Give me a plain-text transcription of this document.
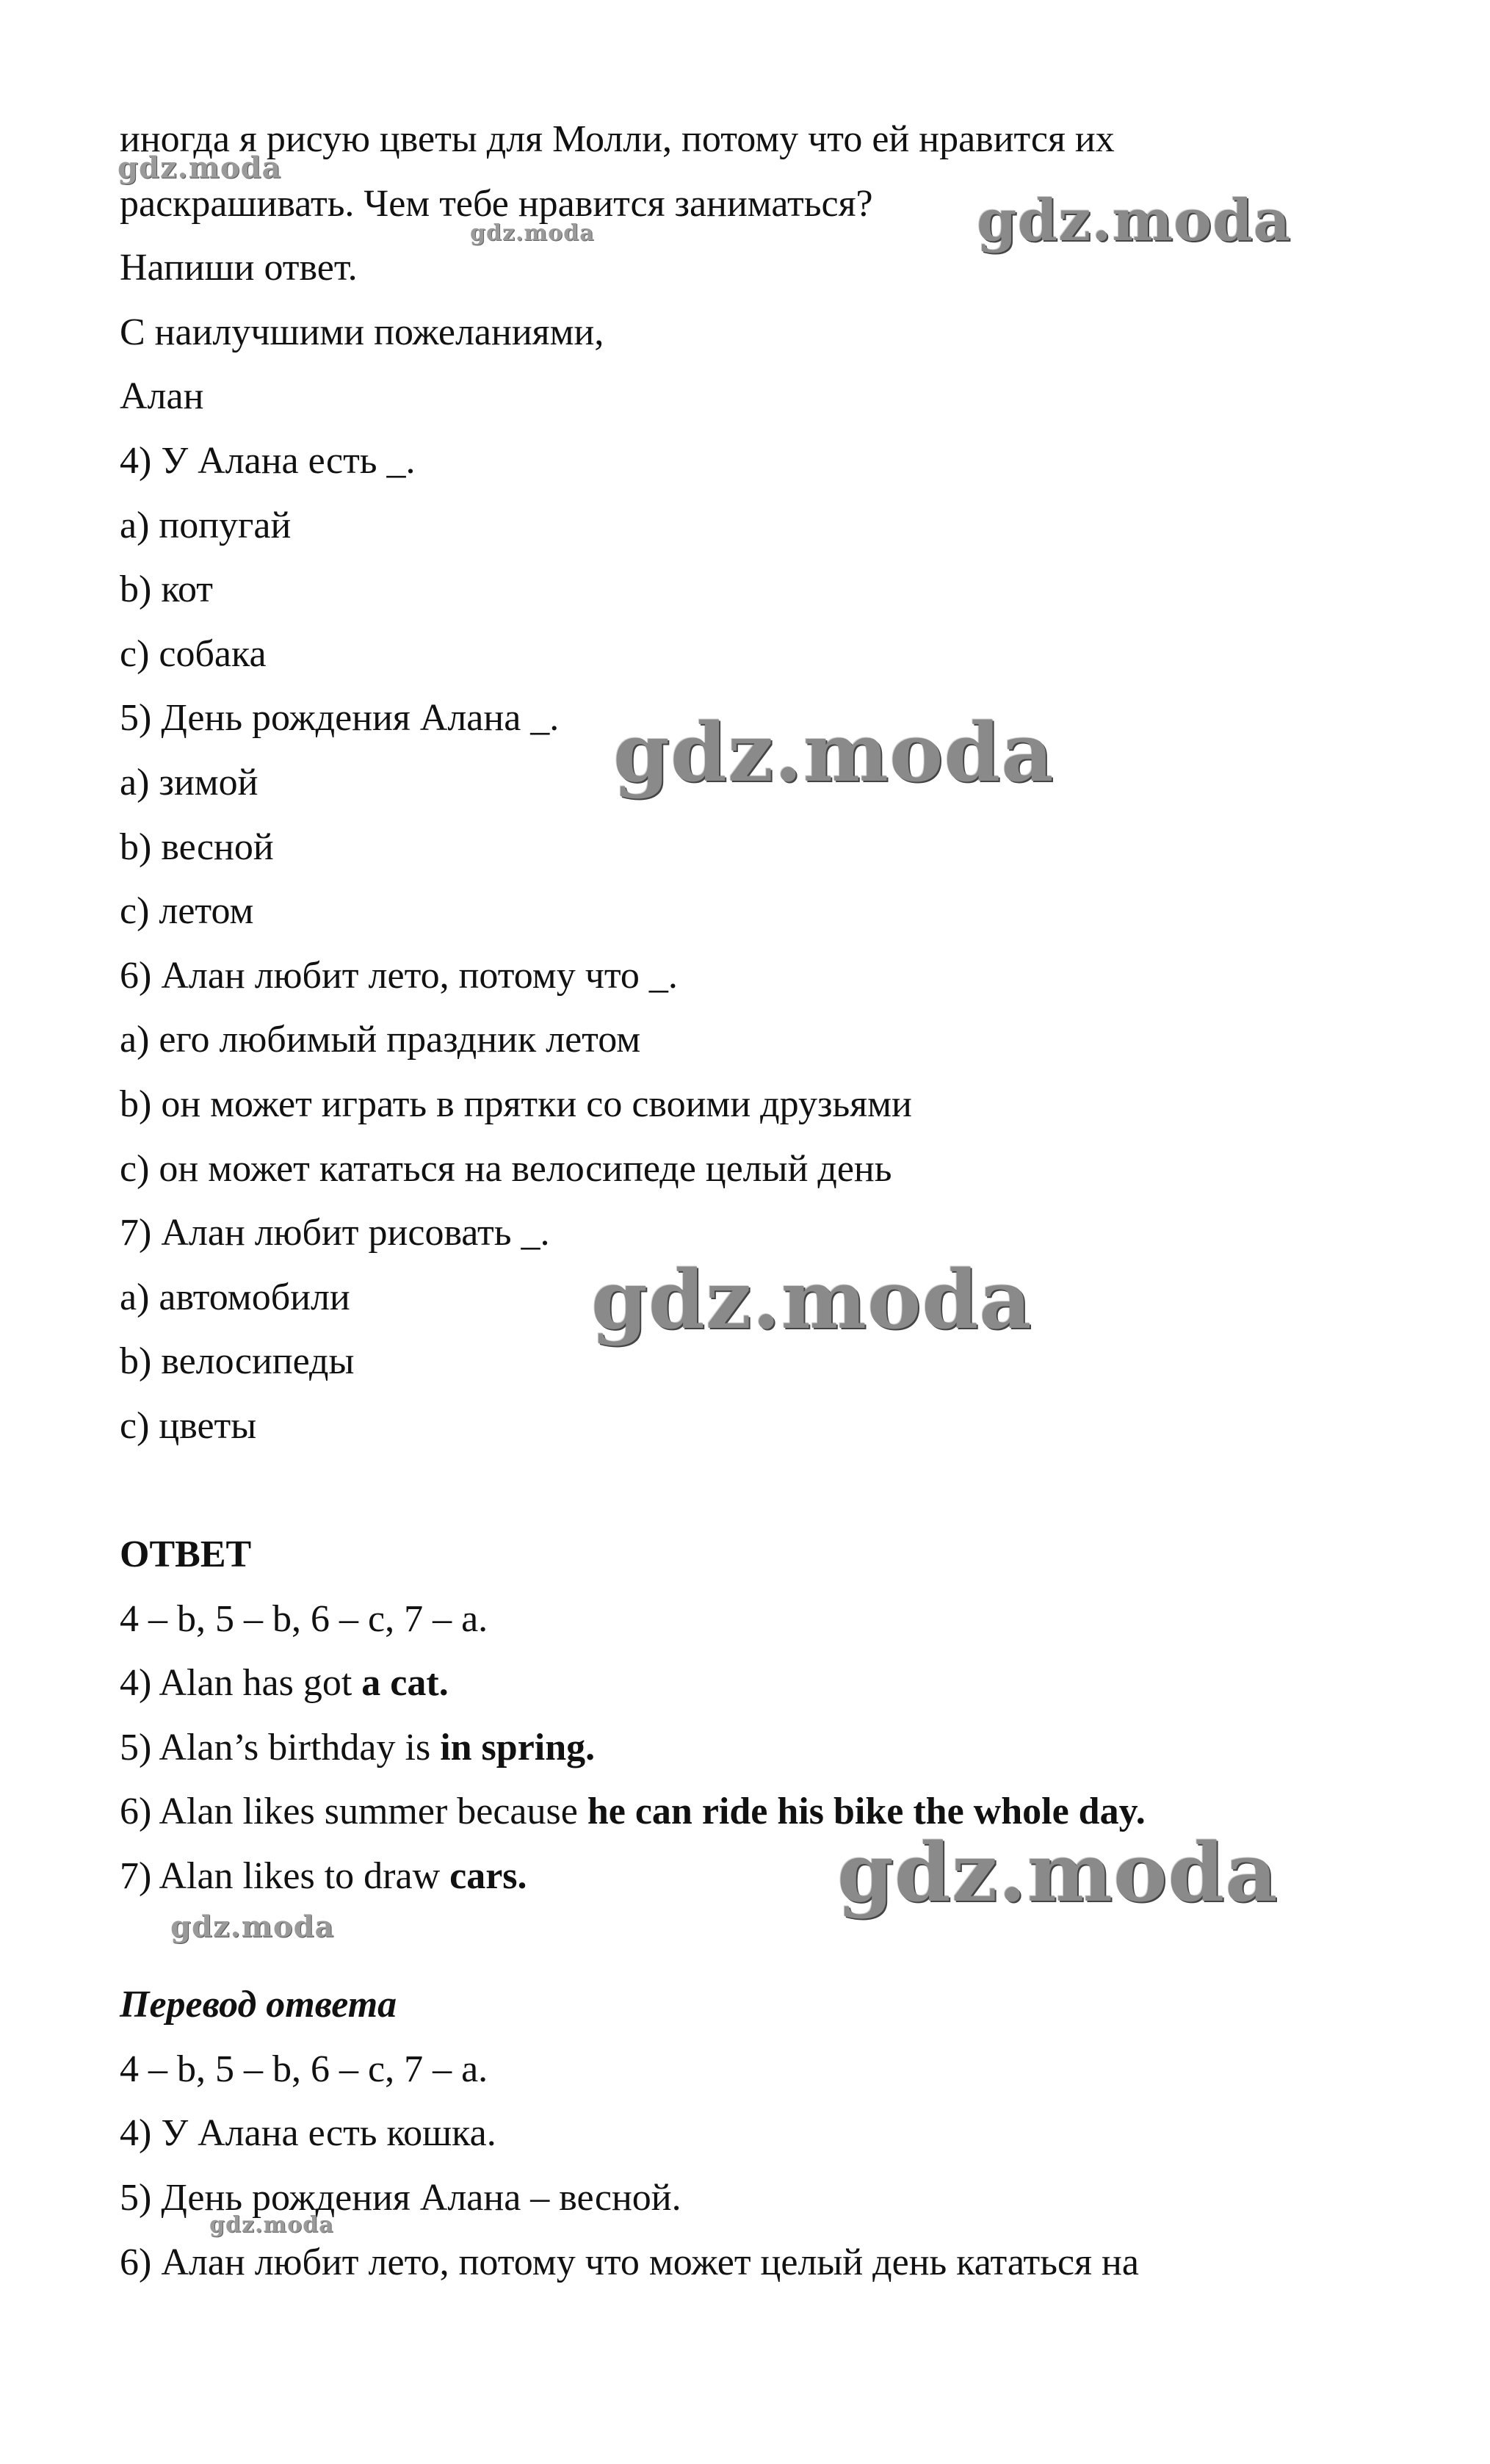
иногда я рисую цветы для Молли, потому что ей нравится их
раскрашивать. Чем тебе нравится заниматься?
Напиши ответ.
С наилучшими пожеланиями,
Алан
4) У Алана есть _.
a) попугай
b) кот
c) собака
5) День рождения Алана _.
a) зимой
b) весной
c) летом
6) Алан любит лето, потому что _.
a) его любимый праздник летом
b) он может играть в прятки со своими друзьями
c) он может кататься на велосипеде целый день
7) Алан любит рисовать _.
a) автомобили
b) велосипеды
c) цветы
ОТВЕТ
4 – b, 5 – b, 6 – c, 7 – a.
4) Alan has got a cat.
5) Alan’s birthday is in spring.
6) Alan likes summer because he can ride his bike the whole day.
7) Alan likes to draw cars.
Перевод ответа
4 – b, 5 – b, 6 – c, 7 – a.
4) У Алана есть кошка.
5) День рождения Алана – весной.
6) Алан любит лето, потому что может целый день кататься на
gdz.moda
gdz.moda	gdz.moda
gdz.moda
gdz.moda
gdz.moda
gdz.moda
gdz.moda
